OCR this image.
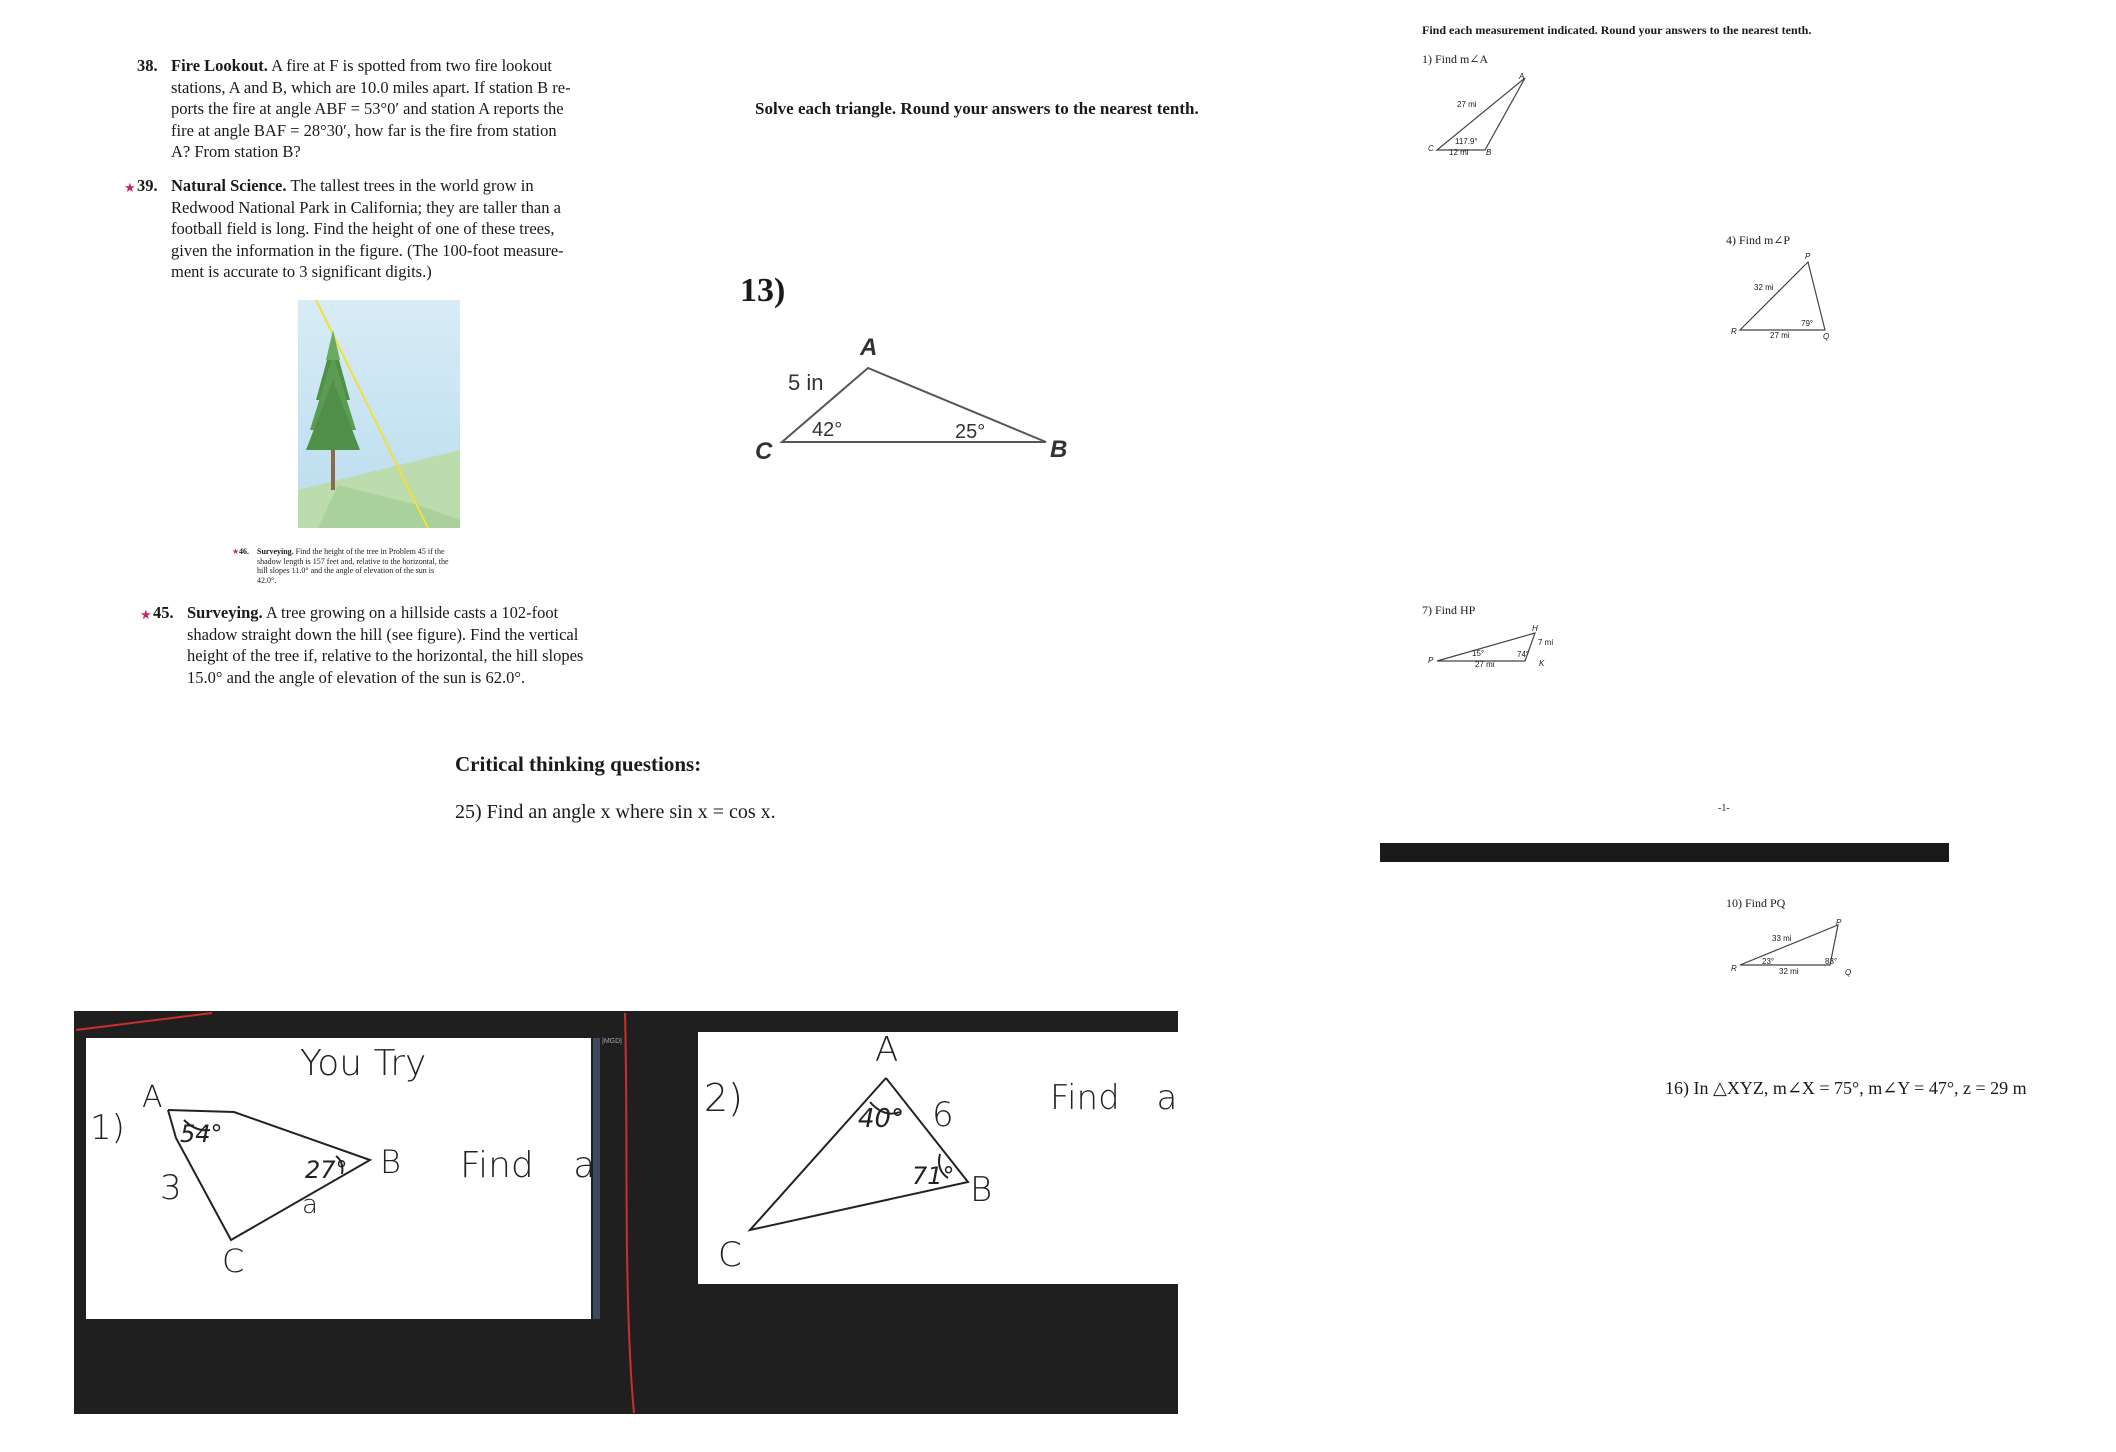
38. Fire Lookout. A fire at F is spotted from two fire lookout
stations, A and B, which are 10.0 miles apart. If station B re-
ports the fire at angle ABF = 53°0′ and station A reports the
fire at angle BAF = 28°30′, how far is the fire from station
A? From station B?
★ 39. Natural Science. The tallest trees in the world grow in
Redwood National Park in California; they are taller than a
football field is long. Find the height of one of these trees,
given the information in the figure. (The 100-foot measure-
ment is accurate to 3 significant digits.)
★ 46. Surveying. Find the height of the tree in Problem 45 if the
shadow length is 157 feet and, relative to the horizontal, the
hill slopes 11.0° and the angle of elevation of the sun is
42.0°.
★ 45. Surveying. A tree growing on a hillside casts a 102-foot
shadow straight down the hill (see figure). Find the vertical
height of the tree if, relative to the horizontal, the hill slopes
15.0° and the angle of elevation of the sun is 62.0°.
Solve each triangle. Round your answers to the nearest tenth.
13)
A
C	B
5 in
42°	25°
Critical thinking questions:
25) Find an angle x where sin x = cos x.
Find each measurement indicated. Round your answers to the nearest tenth.
1) Find m∠A
A
C	B
27 mi
117.9°
12 mi
4) Find m∠P
P
R
Q
32 mi
79°
27 mi
7) Find HP
H
P	K
7 mi
15°	74°
27 mi
-1-
10) Find PQ
P
R	Q
33 mi
23°	83°
32 mi
16) In △XYZ, m∠X = 75°, m∠Y = 47°, z = 29 m
You Try
1)
A
B
C
54°
27°
3	a
Find a
|MGD|
2)
A
B
C
40°
71°
6	Find a
